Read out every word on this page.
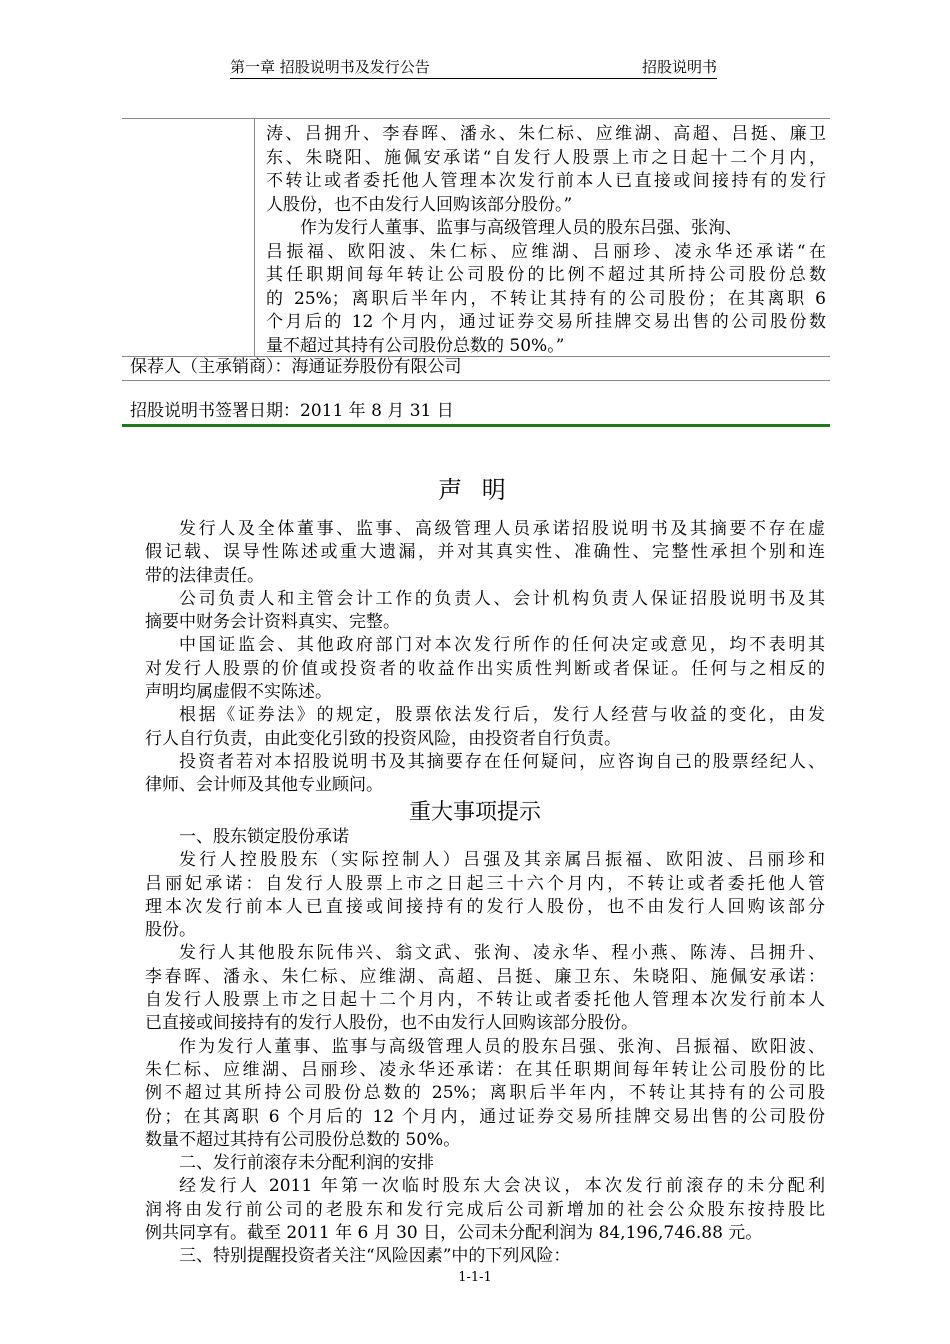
第一章 招股说明书及发行公告	招股说明书
涛、吕拥升、李春晖、潘永、朱仁标、应维湖、高超、吕挺、廉卫
东、朱晓阳、施佩安承诺“自发行人股票上市之日起十二个月内，
不转让或者委托他人管理本次发行前本人已直接或间接持有的发行
人股份，也不由发行人回购该部分股份。”
作为发行人董事、监事与高级管理人员的股东吕强、张洵、
吕振福、欧阳波、朱仁标、应维湖、吕丽珍、凌永华还承诺“在
其任职期间每年转让公司股份的比例不超过其所持公司股份总数
的 25%；离职后半年内，不转让其持有的公司股份；在其离职 6
个月后的 12 个月内，通过证券交易所挂牌交易出售的公司股份数
量不超过其持有公司股份总数的 50%。”
保荐人（主承销商）：海通证券股份有限公司
招股说明书签署日期：2011 年 8 月 31 日
声 明
发行人及全体董事、监事、高级管理人员承诺招股说明书及其摘要不存在虚
假记载、误导性陈述或重大遗漏，并对其真实性、准确性、完整性承担个别和连
带的法律责任。
公司负责人和主管会计工作的负责人、会计机构负责人保证招股说明书及其
摘要中财务会计资料真实、完整。
中国证监会、其他政府部门对本次发行所作的任何决定或意见，均不表明其
对发行人股票的价值或投资者的收益作出实质性判断或者保证。任何与之相反的
声明均属虚假不实陈述。
根据《证券法》的规定，股票依法发行后，发行人经营与收益的变化，由发
行人自行负责，由此变化引致的投资风险，由投资者自行负责。
投资者若对本招股说明书及其摘要存在任何疑问，应咨询自己的股票经纪人、
律师、会计师及其他专业顾问。
重大事项提示
一、股东锁定股份承诺
发行人控股股东（实际控制人）吕强及其亲属吕振福、欧阳波、吕丽珍和
吕丽妃承诺：自发行人股票上市之日起三十六个月内，不转让或者委托他人管
理本次发行前本人已直接或间接持有的发行人股份，也不由发行人回购该部分
股份。
发行人其他股东阮伟兴、翁文武、张洵、凌永华、程小燕、陈涛、吕拥升、
李春晖、潘永、朱仁标、应维湖、高超、吕挺、廉卫东、朱晓阳、施佩安承诺：
自发行人股票上市之日起十二个月内，不转让或者委托他人管理本次发行前本人
已直接或间接持有的发行人股份，也不由发行人回购该部分股份。
作为发行人董事、监事与高级管理人员的股东吕强、张洵、吕振福、欧阳波、
朱仁标、应维湖、吕丽珍、凌永华还承诺：在其任职期间每年转让公司股份的比
例不超过其所持公司股份总数的 25%；离职后半年内，不转让其持有的公司股
份；在其离职 6 个月后的 12 个月内，通过证券交易所挂牌交易出售的公司股份
数量不超过其持有公司股份总数的 50%。
二、发行前滚存未分配利润的安排
经发行人 2011 年第一次临时股东大会决议，本次发行前滚存的未分配利
润将由发行前公司的老股东和发行完成后公司新增加的社会公众股东按持股比
例共同享有。截至 2011 年 6 月 30 日，公司未分配利润为 84,196,746.88 元。
三、特别提醒投资者关注“风险因素”中的下列风险：
1-1-1
